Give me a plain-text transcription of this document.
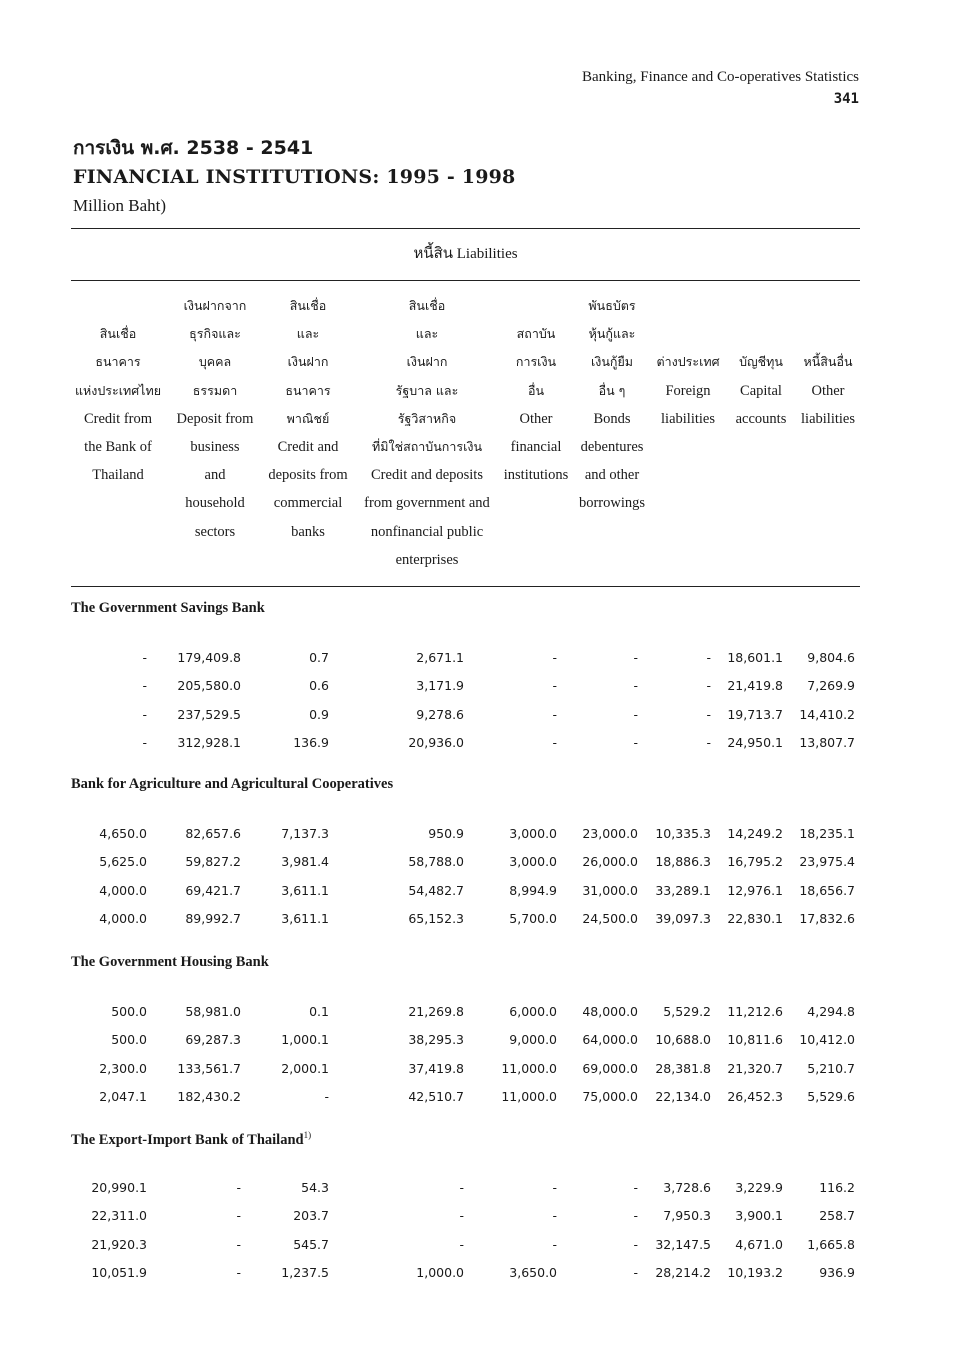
Banking, Finance and Co-operatives Statistics
341
การเงิน พ.ศ. 2538 - 2541
FINANCIAL INSTITUTIONS: 1995 - 1998
Million Baht)
หนี้สิน Liabilities
สินเชื่อ
ธนาคาร
แห่งประเทศไทย
Credit from
the Bank of
Thailand
เงินฝากจาก
ธุรกิจและ
บุคคล
ธรรมดา
Deposit from
business
and
household
sectors
สินเชื่อ
และ
เงินฝาก
ธนาคาร
พาณิชย์
Credit and
deposits from
commercial
banks
สินเชื่อ
และ
เงินฝาก
รัฐบาล และ
รัฐวิสาหกิจ
ที่มิใช่สถาบันการเงิน
Credit and deposits
from government and
nonfinancial public
enterprises
สถาบัน
การเงิน
อื่น
Other
financial
institutions
พันธบัตร
หุ้นกู้และ
เงินกู้ยืม
อื่น ๆ
Bonds
debentures
and other
borrowings
ต่างประเทศ
Foreign
liabilities
บัญชีทุน
Capital
accounts
หนี้สินอื่น
Other
liabilities
The Government Savings Bank
- 179,409.8	0.7	2,671.1	-	-	- 18,601.1 9,804.6
- 205,580.0	0.6	3,171.9	-	-	- 21,419.8 7,269.9
- 237,529.5	0.9	9,278.6	-	-	- 19,713.7 14,410.2
- 312,928.1	136.9	20,936.0	-	-	- 24,950.1 13,807.7
Bank for Agriculture and Agricultural Cooperatives
4,650.0	82,657.6	7,137.3	950.9	3,000.0 23,000.0 10,335.3 14,249.2 18,235.1
5,625.0	59,827.2	3,981.4	58,788.0	3,000.0 26,000.0 18,886.3 16,795.2 23,975.4
4,000.0	69,421.7	3,611.1	54,482.7	8,994.9 31,000.0 33,289.1 12,976.1 18,656.7
4,000.0	89,992.7	3,611.1	65,152.3	5,700.0 24,500.0 39,097.3 22,830.1 17,832.6
The Government Housing Bank
500.0	58,981.0	0.1	21,269.8	6,000.0 48,000.0 5,529.2 11,212.6 4,294.8
500.0	69,287.3	1,000.1	38,295.3	9,000.0 64,000.0 10,688.0 10,811.6 10,412.0
2,300.0 133,561.7	2,000.1	37,419.8	11,000.0 69,000.0 28,381.8 21,320.7 5,210.7
2,047.1 182,430.2	-	42,510.7	11,000.0 75,000.0 22,134.0 26,452.3 5,529.6
The Export-Import Bank of Thailand$^{1)}$
20,990.1	-	54.3	-	-	- 3,728.6 3,229.9	116.2
22,311.0	-	203.7	-	-	- 7,950.3 3,900.1	258.7
21,920.3	-	545.7	-	-	- 32,147.5 4,671.0 1,665.8
10,051.9	-	1,237.5	1,000.0	3,650.0	- 28,214.2 10,193.2	936.9
